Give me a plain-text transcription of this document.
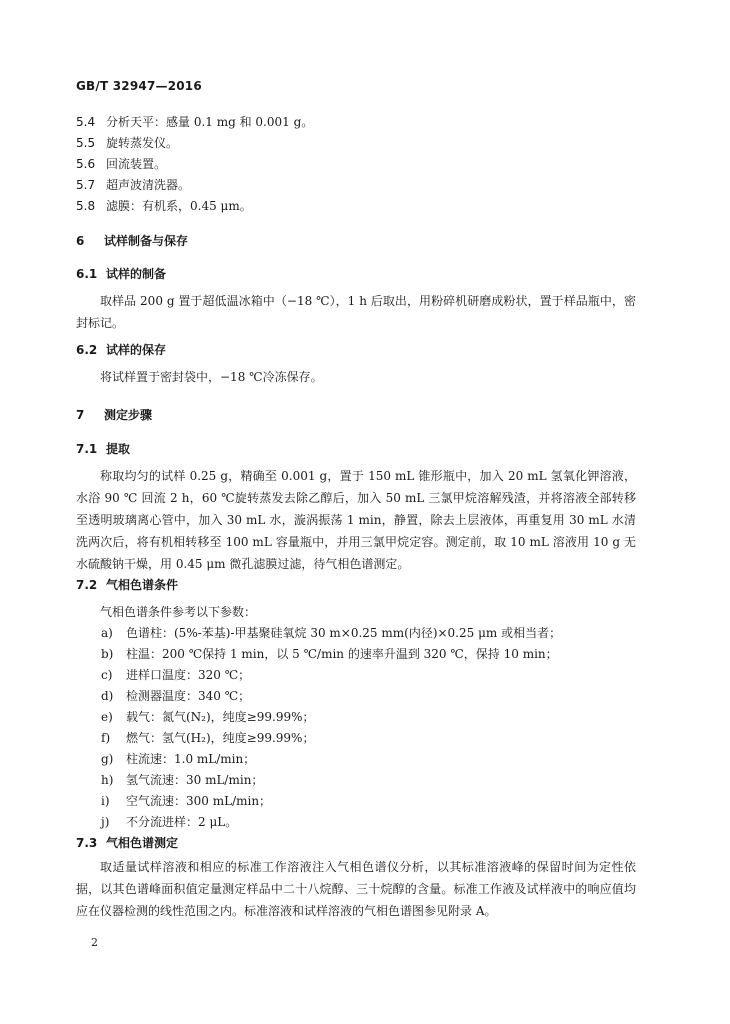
GB/T 32947—2016
5.4 分析天平：感量 0.1 mg 和 0.001 g。
5.5 旋转蒸发仪。
5.6 回流装置。
5.7 超声波清洗器。
5.8 滤膜：有机系，0.45 μm。
6 试样制备与保存
6.1 试样的制备
取样品 200 g 置于超低温冰箱中（−18 ℃），1 h 后取出，用粉碎机研磨成粉状，置于样品瓶中，密封标记。
6.2 试样的保存
将试样置于密封袋中，−18 ℃冷冻保存。
7 测定步骤
7.1 提取
称取均匀的试样 0.25 g，精确至 0.001 g，置于 150 mL 锥形瓶中，加入 20 mL 氢氧化钾溶液，水浴 90 ℃ 回流 2 h，60 ℃旋转蒸发去除乙醇后，加入 50 mL 三氯甲烷溶解残渣，并将溶液全部转移至透明玻璃离心管中，加入 30 mL 水，漩涡振荡 1 min，静置，除去上层液体，再重复用 30 mL 水清洗两次后，将有机相转移至 100 mL 容量瓶中，并用三氯甲烷定容。测定前，取 10 mL 溶液用 10 g 无水硫酸钠干燥，用 0.45 μm 微孔滤膜过滤，待气相色谱测定。
7.2 气相色谱条件
气相色谱条件参考以下参数：
a) 色谱柱：(5%-苯基)-甲基聚硅氧烷 30 m×0.25 mm(内径)×0.25 μm 或相当者；
b) 柱温：200 ℃保持 1 min，以 5 ℃/min 的速率升温到 320 ℃，保持 10 min；
c) 进样口温度：320 ℃；
d) 检测器温度：340 ℃；
e) 载气：氮气(N₂)，纯度≥99.99%；
f) 燃气：氢气(H₂)，纯度≥99.99%；
g) 柱流速：1.0 mL/min；
h) 氢气流速：30 mL/min；
i) 空气流速：300 mL/min；
j) 不分流进样：2 μL。
7.3 气相色谱测定
取适量试样溶液和相应的标准工作溶液注入气相色谱仪分析，以其标准溶液峰的保留时间为定性依据，以其色谱峰面积值定量测定样品中二十八烷醇、三十烷醇的含量。标准工作液及试样液中的响应值均应在仪器检测的线性范围之内。标准溶液和试样溶液的气相色谱图参见附录 A。
2
